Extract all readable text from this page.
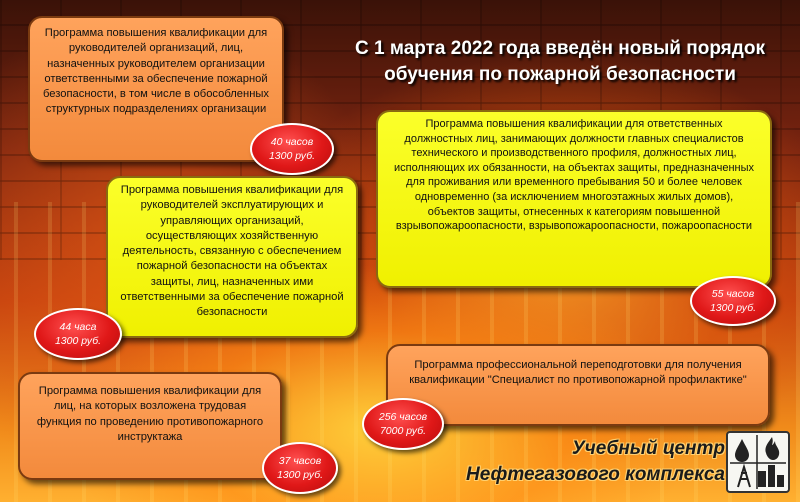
С 1 марта 2022 года введён новый порядок
обучения по пожарной безопасности
Программа повышения квалификации для руководителей организаций, лиц, назначенных руководителем организации ответственными за обеспечение пожарной безопасности, в том числе в обособленных структурных подразделениях организации
40 часов
1300 руб.
Программа повышения квалификации для руководителей эксплуатирующих и управляющих организаций, осуществляющих хозяйственную деятельность, связанную с обеспечением пожарной безопасности на объектах защиты, лиц, назначенных ими ответственными за обеспечение пожарной безопасности
44 часа
1300 руб.
Программа повышения квалификации для лиц, на которых возложена трудовая функция по проведению противопожарного инструктажа
37 часов
1300 руб.
Программа повышения квалификации для ответственных должностных лиц, занимающих должности главных специалистов технического и производственного профиля, должностных лиц, исполняющих их обязанности, на объектах защиты, предназначенных для проживания или временного пребывания 50 и более человек одновременно (за исключением многоэтажных жилых домов), объектов защиты, отнесенных к категориям повышенной взрывопожароопасности, взрывопожароопасности, пожароопасности
55 часов
1300 руб.
Программа профессиональной переподготовки для получения квалификации "Специалист по противопожарной профилактике"
256 часов
7000 руб.
Учебный центр
Нефтегазового комплекса
